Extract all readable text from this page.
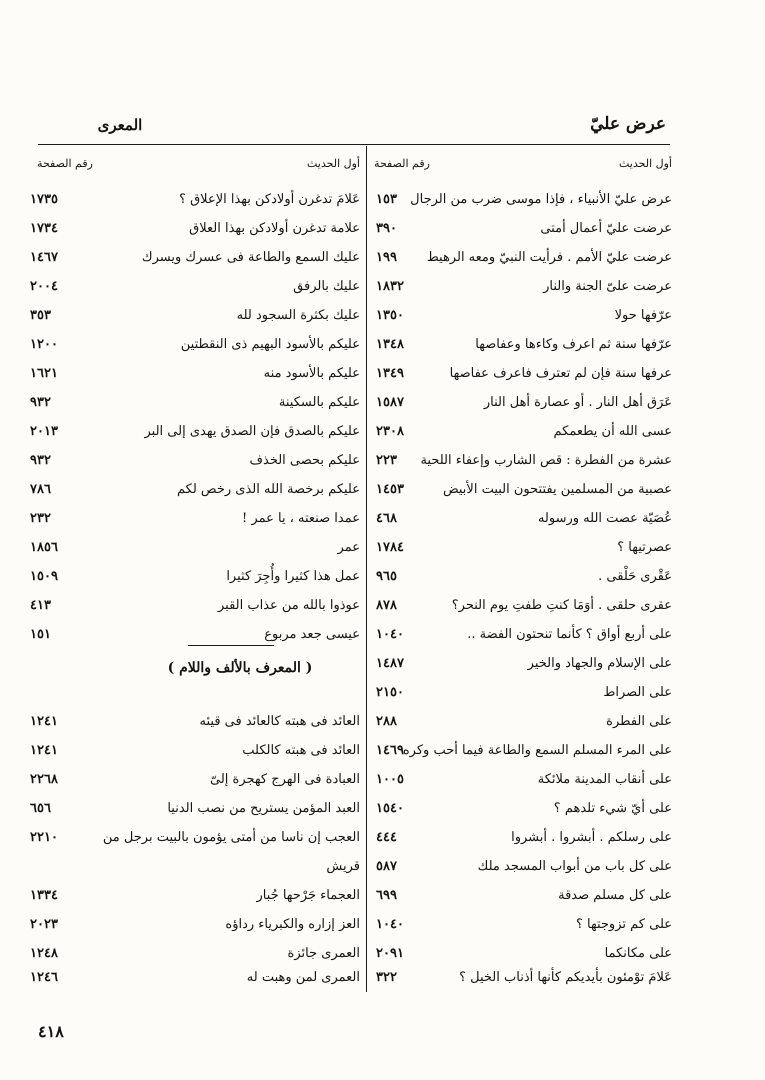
عرض عليّ
المعرى
أول الحديث
رقم الصفحة
أول الحديث
رقم الصفحة
عرض عليّ الأنبياء ، فإذا موسى ضرب من الرجال
١٥٣
عرضت عليّ أعمال أمتى
٣٩٠
عرضت عليّ الأمم . فرأيت النبيّ ومعه الرهيط
١٩٩
عرضت علىّ الجنة والنار
١٨٣٢
عرّفها حولا
١٣٥٠
عرّفها سنة ثم اعرف وكاءها وعفاصها
١٣٤٨
عرفها سنة فإن لم تعترف فاعرف عفاصها
١٣٤٩
عَرَق أهل النار . أو عصارة أهل النار
١٥٨٧
عسى الله أن يطعمكم
٢٣٠٨
عشرة من الفطرة : قص الشارب وإعفاء اللحية
٢٢٣
عصبية من المسلمين يفتتحون البيت الأبيض
١٤٥٣
عُصَيّة عصت الله ورسوله
٤٦٨
عصرتيها ؟
١٧٨٤
عَقْرى حَلْقى .
٩٦٥
عقرى حلقى . أوَمَا كنتِ طفتِ يوم النحر؟
٨٧٨
على أربع أواق ؟ كأنما تنحتون الفضة ..
١٠٤٠
على الإسلام والجهاد والخير
١٤٨٧
على الصراط
٢١٥٠
على الفطرة
٢٨٨
على المرء المسلم السمع والطاعة فيما أحب وكره
١٤٦٩
على أنقاب المدينة ملائكة
١٠٠٥
على أيّ شيء تلدهم ؟
١٥٤٠
على رسلكم . أبشروا . أبشروا
٤٤٤
على كل باب من أبواب المسجد ملك
٥٨٧
على كل مسلم صدقة
٦٩٩
على كم تزوجتها ؟
١٠٤٠
على مكانكما
٢٠٩١
عَلامَ توْمئون بأيديكم كأنها أذناب الخيل ؟
٣٢٢
عَلامَ تدغرن أولادكن بهذا الإعلاق ؟
١٧٣٥
علامة تدغرن أولادكن بهذا العلاق
١٧٣٤
عليك السمع والطاعة فى عسرك ويسرك
١٤٦٧
عليك بالرفق
٢٠٠٤
عليك بكثرة السجود لله
٣٥٣
عليكم بالأسود البهيم ذى النقطتين
١٢٠٠
عليكم بالأسود منه
١٦٢١
عليكم بالسكينة
٩٣٢
عليكم بالصدق فإن الصدق يهدى إلى البر
٢٠١٣
عليكم بحصى الخذف
٩٣٢
عليكم برخصة الله الذى رخص لكم
٧٨٦
عمدا صنعته ، يا عمر !
٢٣٢
عمر
١٨٥٦
عمل هذا كثيرا وأُجِرَ كثيرا
١٥٠٩
عوذوا بالله من عذاب القبر
٤١٣
عيسى جعد مربوع
١٥١
( المعرف بالألف واللام )
العائد فى هبته كالعائد فى قيئه
١٢٤١
العائد فى هبته كالكلب
١٢٤١
العبادة فى الهرج كهجرة إلىّ
٢٢٦٨
العبد المؤمن يستريح من نصب الدنيا
٦٥٦
العجب إن ناسا من أمتى يؤمون بالبيت برجل من
٢٢١٠
قريش
العجماء جَرْحها جُبار
١٣٣٤
العز إزاره والكبرياء رداؤه
٢٠٢٣
العمرى جائزة
١٢٤٨
العمرى لمن وهبت له
١٢٤٦
٤١٨
